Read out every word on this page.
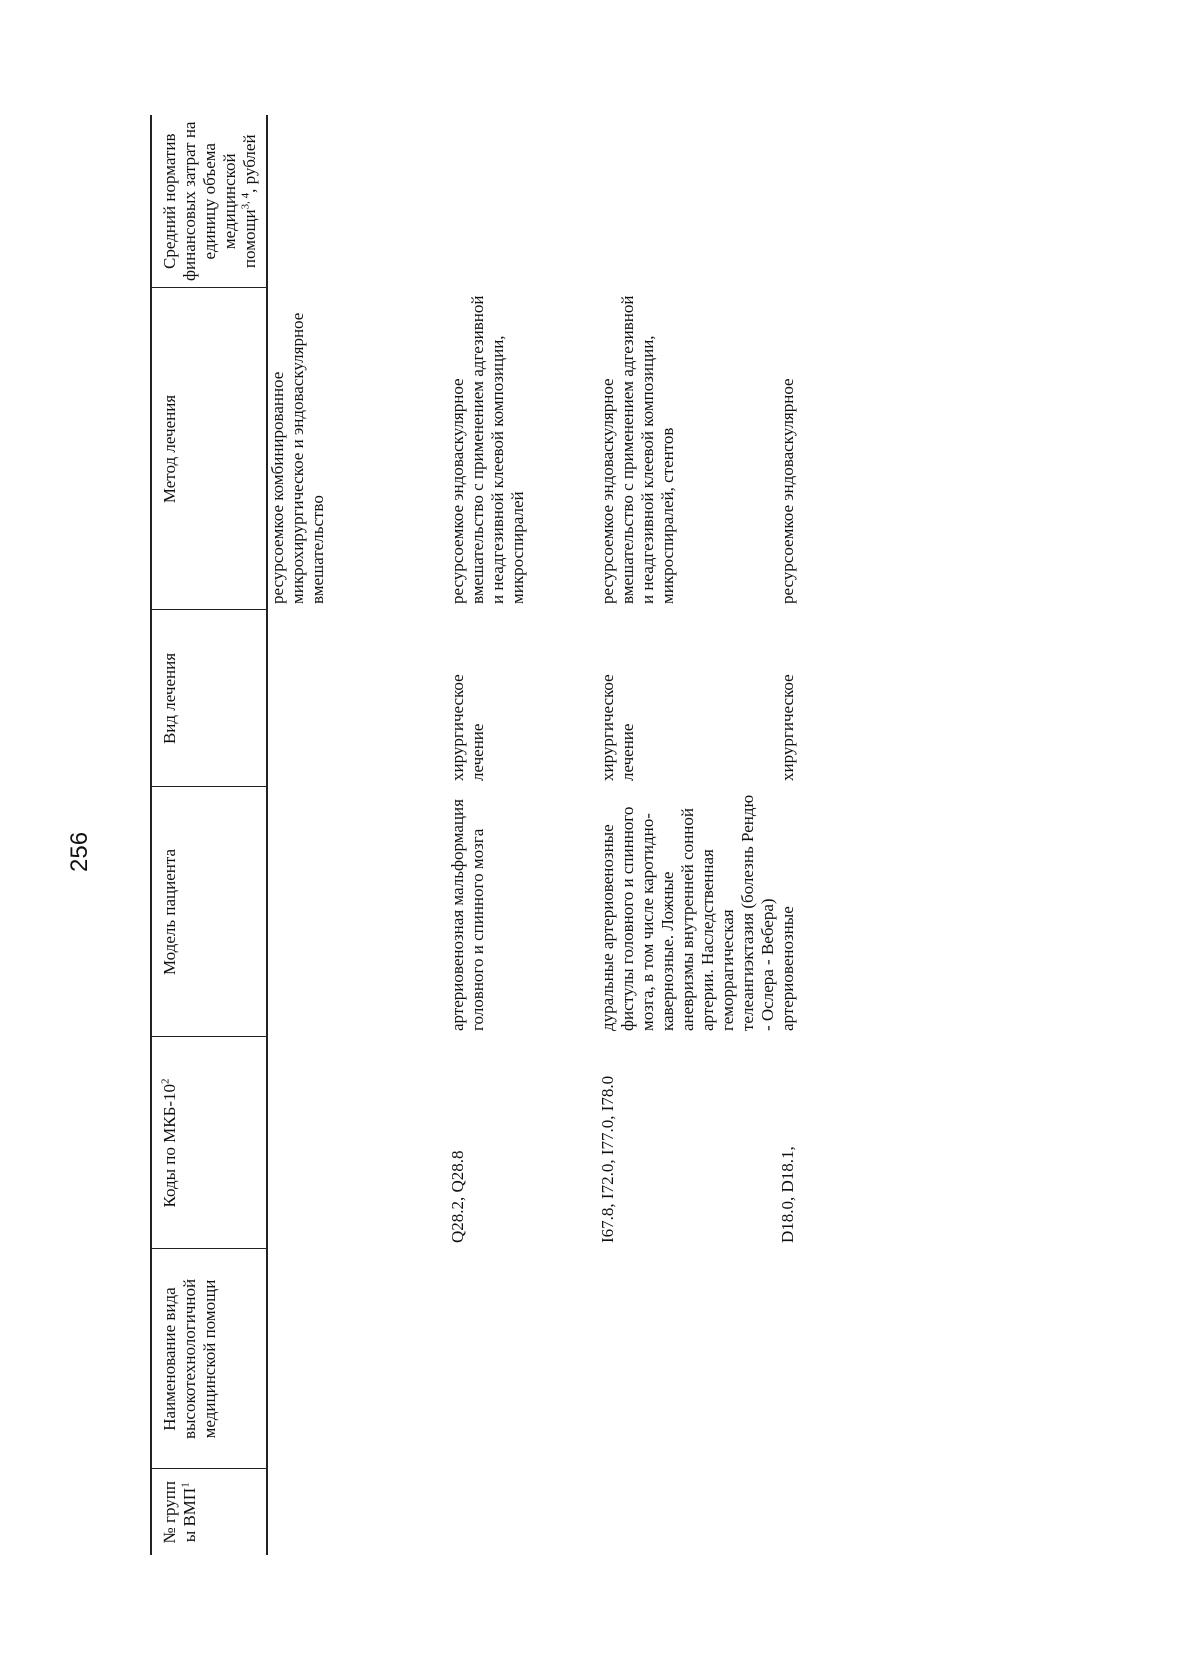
256
№ групп ы ВМП$^1$	Наименование вида высокотехнологичной медицинской помощи	Коды по МКБ-$10^2$	Модель пациента	Вид лечения	Метод лечения	Средний норматив финансовых затрат на единицу объема медицинской помощи$^{3, 4}$, рублей
					ресурсоемкое комбинированное микрохирургическое и эндоваскулярное вмешательство	
		Q28.2, Q28.8	артериовенозная мальформация головного и спинного мозга	хирургическое лечение	ресурсоемкое эндоваскулярное вмешательство с применением адгезивной и неадгезивной клеевой композиции, микроспиралей	
		I67.8, I72.0, I77.0, I78.0	дуральные артериовенозные фистулы головного и спинного мозга, в том числе каротидно-кавернозные. Ложные аневризмы внутренней сонной артерии. Наследственная геморрагическая телеангиэктазия (болезнь Рендю - Ослера - Вебера)	хирургическое лечение	ресурсоемкое эндоваскулярное вмешательство с применением адгезивной и неадгезивной клеевой композиции, микроспиралей, стентов	
		D18.0, D18.1,	артериовенозные	хирургическое	ресурсоемкое эндоваскулярное	
